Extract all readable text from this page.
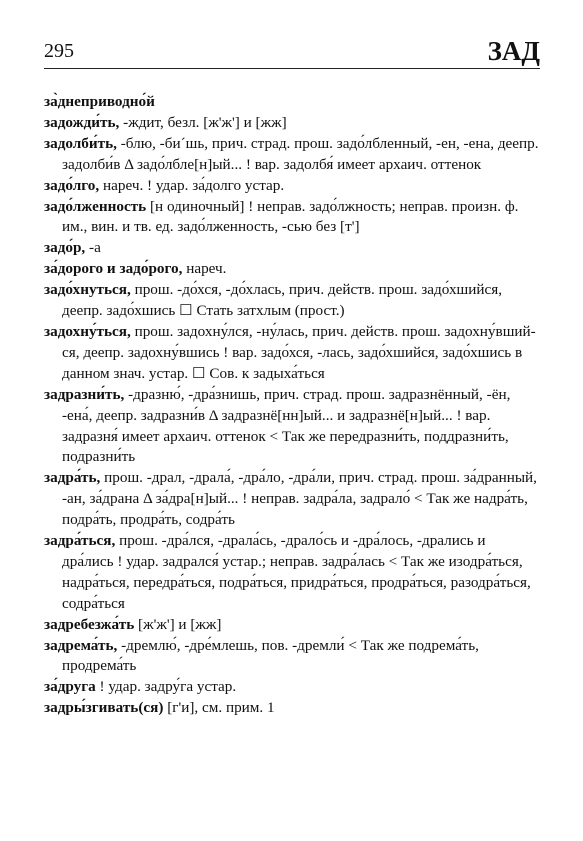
295	ЗАД

за̀днеприводно́й

задожди́ть, -ждит, безл. [ж'ж'] и [жж]

задолби́ть, -блю, -биˊшь, прич. страд. прош. задо́лбленный, -ен, -ена, деепр. задолби́в Δ задо́лбле[н]ый... ! вар. задолбя́ имеет архаич. оттенок

задо́лго, нареч. ! удар. за́долго устар.

задо́лженность [н одиночный] ! неправ. задо́лжность; неправ. произн. ф. им., вин. и тв. ед. задо́лженность, -сью без [т']

задо́р, -а

за́дорого и задо́рого, нареч.

задо́хнуться, прош. -до́хся, -до́хлась, прич. действ. прош. задо́хшийся, деепр. задо́хшись ☐ Стать затхлым (прост.)

задохну́ться, прош. задохну́лся, -ну́лась, прич. действ. прош. задохну́вшийся, деепр. задохну́вшись ! вар. задо́хся, -лась, задо́хшийся, задо́хшись в данном знач. устар. ☐ Сов. к задыха́ться

задразни́ть, -дразню́, -дра́знишь, прич. страд. прош. задразнённый, -ён, -ена́, деепр. задразни́в Δ задразнё[нн]ый... и задразнё[н]ый... ! вар. задразня́ имеет архаич. оттенок < Так же передразни́ть, поддразни́ть, подразни́ть

задра́ть, прош. -драл, -драла́, -дра́ло, -дра́ли, прич. страд. прош. за́дранный, -ан, за́драна Δ за́дра[н]ый... ! неправ. задра́ла, задрало́ < Так же надра́ть, подра́ть, продра́ть, содра́ть

задра́ться, прош. -дра́лся, -драла́сь, -драло́сь и -дра́лось, -дрались и дра́лись ! удар. задрался́ устар.; неправ. задра́лась < Так же изодра́ться, надра́ться, передра́ться, подра́ться, придра́ться, продра́ться, разодра́ться, содра́ться

задребезжа́ть [ж'ж'] и [жж]

задрема́ть, -дремлю́, -дре́млешь, пов. -дремли́ < Так же подрема́ть, продрема́ть

за́друга ! удар. задру́га устар.

задры́згивать(ся) [г'и], см. прим. 1
